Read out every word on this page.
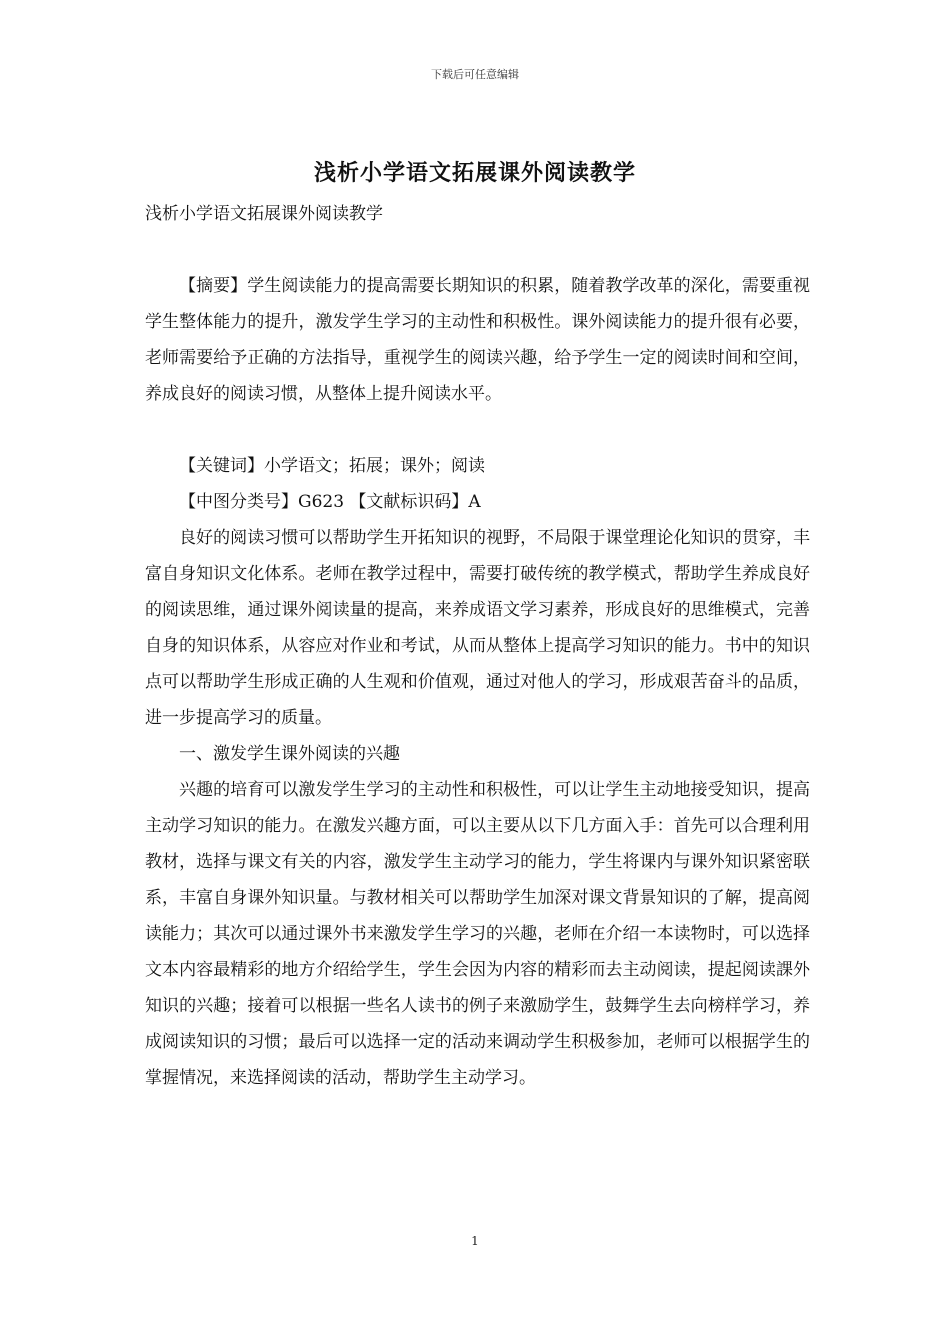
下载后可任意编辑
浅析小学语文拓展课外阅读教学

浅析小学语文拓展课外阅读教学

【摘要】学生阅读能力的提高需要长期知识的积累，随着教学改革的深化，需要重视学生整体能力的提升，激发学生学习的主动性和积极性。课外阅读能力的提升很有必要，老师需要给予正确的方法指导，重视学生的阅读兴趣，给予学生一定的阅读时间和空间，养成良好的阅读习惯，从整体上提升阅读水平。

【关键词】小学语文；拓展；课外；阅读

【中图分类号】G623 【文献标识码】A

良好的阅读习惯可以帮助学生开拓知识的视野，不局限于课堂理论化知识的贯穿，丰富自身知识文化体系。老师在教学过程中，需要打破传统的教学模式，帮助学生养成良好的阅读思维，通过课外阅读量的提高，来养成语文学习素养，形成良好的思维模式，完善自身的知识体系，从容应对作业和考试，从而从整体上提高学习知识的能力。书中的知识点可以帮助学生形成正确的人生观和价值观，通过对他人的学习，形成艰苦奋斗的品质，进一步提高学习的质量。

一、激发学生课外阅读的兴趣

兴趣的培育可以激发学生学习的主动性和积极性，可以让学生主动地接受知识，提高主动学习知识的能力。在激发兴趣方面，可以主要从以下几方面入手：首先可以合理利用教材，选择与课文有关的内容，激发学生主动学习的能力，学生将课内与课外知识紧密联系，丰富自身课外知识量。与教材相关可以帮助学生加深对课文背景知识的了解，提高阅读能力；其次可以通过课外书来激发学生学习的兴趣，老师在介绍一本读物时，可以选择文本内容最精彩的地方介绍给学生，学生会因为内容的精彩而去主动阅读，提起阅读課外知识的兴趣；接着可以根据一些名人读书的例子来激励学生，鼓舞学生去向榜样学习，养成阅读知识的习惯；最后可以选择一定的活动来调动学生积极参加，老师可以根据学生的掌握情况，来选择阅读的活动，帮助学生主动学习。

1
